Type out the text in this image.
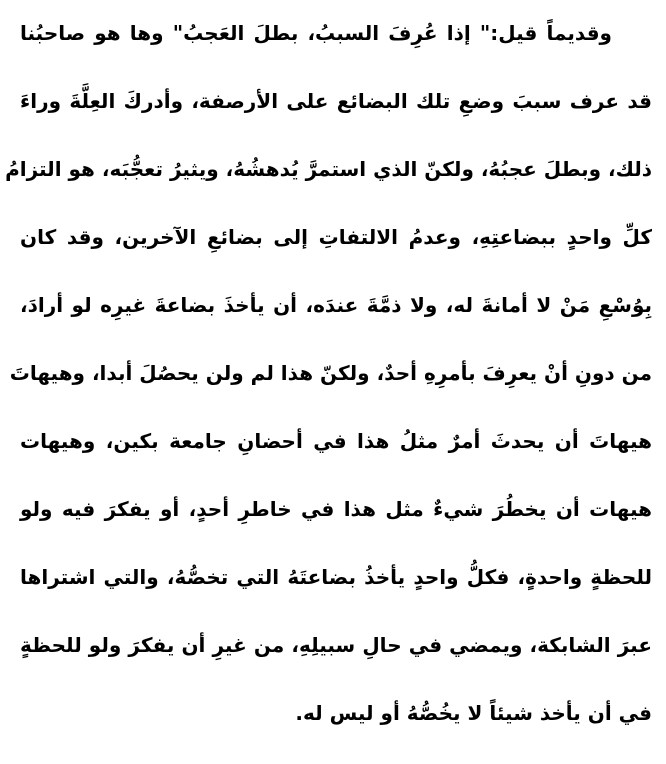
وقديماً قيل:" إذا عُرِفَ السببُ، بطلَ العَجبُ" وها هو صاحبُنا
قد عرف سببَ وضعِ تلك البضائع على الأرصفة، وأدركَ العِلَّةَ وراءَ
ذلك، وبطلَ عجبُهُ، ولكنّ الذي استمرَّ يُدهشُهُ، ويثيرُ تعجُّبَه، هو التزامُ
كلِّ واحدٍ ببضاعتِهِ، وعدمُ الالتفاتِ إلى بضائعِ الآخرين، وقد كان
بِوُسْعِ مَنْ لا أمانةَ له، ولا ذمَّةَ عندَه، أن يأخذَ بضاعةَ غيرِه لو أرادَ،
من دونِ أنْ يعرِفَ بأمرِهِ أحدٌ، ولكنّ هذا لم ولن يحصُلَ أبدا، وهيهاتَ
هيهاتَ أن يحدثَ أمرٌ مثلُ هذا في أحضانِ جامعة بكين، وهيهات
هيهات أن يخطُرَ شيءٌ مثل هذا في خاطرِ أحدٍ، أو يفكرَ فيه ولو
للحظةٍ واحدةٍ، فكلُّ واحدٍ يأخذُ بضاعتَهُ التي تخصُّهُ، والتي اشتراها
عبرَ الشابكة، ويمضي في حالِ سبيلِهِ، من غيرِ أن يفكرَ ولو للحظةٍ
في أن يأخذ شيئاً لا يخُصُّهُ أو ليس له.
